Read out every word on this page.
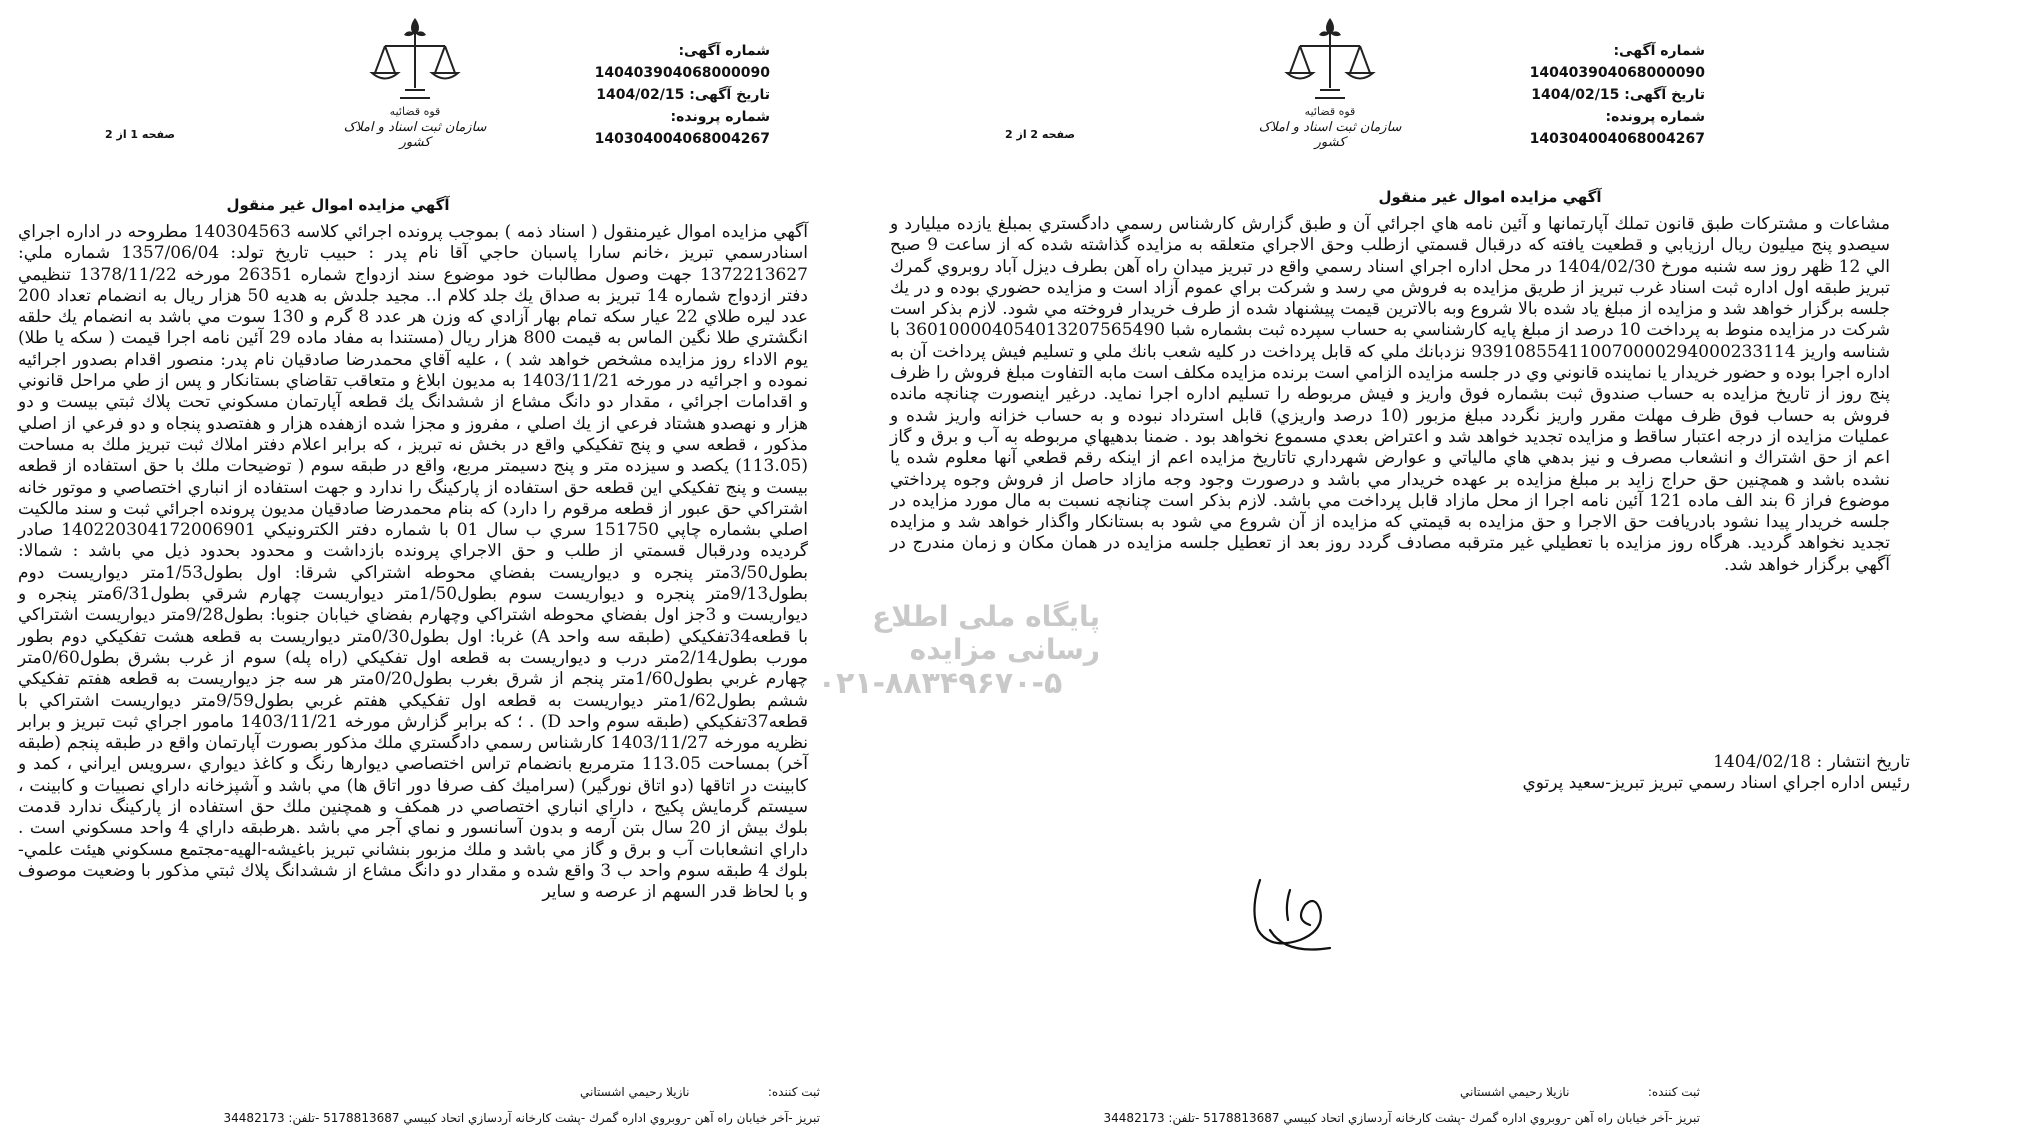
شماره آگهی: 140403904068000090
تاریخ آگهی: 1404/02/15
شماره پرونده: 140304004068004267
قوه قضائيه
سازمان ثبت اسناد و املاک کشور
صفحه 1 از 2
آگهي مزايده اموال غير منقول
آگهي مزايده اموال غيرمنقول ( اسناد ذمه ) بموجب پرونده اجرائي كلاسه 140304563 مطروحه در اداره اجراي اسنادرسمي تبريز ،خانم سارا پاسبان حاجي آقا نام پدر : حبيب تاريخ تولد: 1357/06/04 شماره ملي: 1372213627 جهت وصول مطالبات خود موضوع سند ازدواج شماره 26351 مورخه 1378/11/22 تنظيمي دفتر ازدواج شماره 14 تبريز به صداق يك جلد كلام ا.. مجيد جلدش به هديه 50 هزار ريال به انضمام تعداد 200 عدد ليره طلاي 22 عيار سكه تمام بهار آزادي كه وزن هر عدد 8 گرم و 130 سوت مي باشد به انضمام يك حلقه انگشتري طلا نگين الماس به قيمت 800 هزار ريال (مستندا به مفاد ماده 29 آئين نامه اجرا قيمت ( سكه يا طلا) يوم الاداء روز مزايده مشخص خواهد شد ) ، عليه آقاي محمدرضا صادقيان نام پدر: منصور اقدام بصدور اجرائيه نموده و اجرائيه در مورخه 1403/11/21 به مديون ابلاغ و متعاقب تقاضاي بستانكار و پس از طي مراحل قانوني و اقدامات اجرائي ، مقدار دو دانگ مشاع از ششدانگ يك قطعه آپارتمان مسكوني تحت پلاك ثبتي بيست و دو هزار و نهصدو هشتاد فرعي از يك اصلي ، مفروز و مجزا شده ازهفده هزار و هفتصدو پنجاه و دو فرعي از اصلي مذكور ، قطعه سي و پنج تفكيكي واقع در بخش نه تبريز ، كه برابر اعلام دفتر املاك ثبت تبريز ملك به مساحت (113.05) يكصد و سيزده متر و پنج دسيمتر مربع، واقع در طبقه سوم ( توضيحات ملك با حق استفاده از قطعه بيست و پنج تفكيكي اين قطعه حق استفاده از پاركينگ را ندارد و جهت استفاده از انباري اختصاصي و موتور خانه اشتراكي حق عبور از قطعه مرقوم را دارد) كه بنام محمدرضا صادقيان مديون پرونده اجرائي ثبت و سند مالكيت اصلي بشماره چاپي 151750 سري ب سال 01 با شماره دفتر الكترونيكي 140220304172006901 صادر گرديده ودرقبال قسمتي از طلب و حق الاجراي پرونده بازداشت و محدود بحدود ذيل مي باشد : شمالا: بطول3/50متر پنجره و ديواريست بفضاي محوطه اشتراكي شرقا: اول بطول1/53متر ديواريست دوم بطول9/13متر پنجره و ديواريست سوم بطول1/50متر ديواريست چهارم شرقي بطول6/31متر پنجره و ديواريست و 3جز اول بفضاي محوطه اشتراكي وچهارم بفضاي خيابان جنوبا: بطول9/28متر ديواريست اشتراكي با قطعه34تفكيكي (طبقه سه واحد A) غربا: اول بطول0/30متر ديواريست به قطعه هشت تفكيكي دوم بطور مورب بطول2/14متر درب و ديواريست به قطعه اول تفكيكي (راه پله) سوم از غرب بشرق بطول0/60متر چهارم غربي بطول1/60متر پنجم از شرق بغرب بطول0/20متر هر سه جز ديواريست به قطعه هفتم تفكيكي ششم بطول1/62متر ديواريست به قطعه اول تفكيكي هفتم غربي بطول9/59متر ديواريست اشتراكي با قطعه37تفكيكي (طبقه سوم واحد D) . ؛ كه برابر گزارش مورخه 1403/11/21 مامور اجراي ثبت تبريز و برابر نظريه مورخه 1403/11/27 كارشناس رسمي دادگستري ملك مذكور بصورت آپارتمان واقع در طبقه پنجم (طبقه آخر) بمساحت 113.05 مترمربع بانضمام تراس اختصاصي ديوارها رنگ و كاغذ ديواري ،سرويس ايراني ، كمد و كابينت در اتاقها (دو اتاق نورگير) (سراميك كف صرفا دور اتاق ها) مي باشد و آشپزخانه داراي نصبيات و كابينت ، سيستم گرمايش پكيج ، داراي انباري اختصاصي در همكف و همچنين ملك حق استفاده از پاركينگ ندارد قدمت بلوك بيش از 20 سال بتن آرمه و بدون آسانسور و نماي آجر مي باشد .هرطبقه داراي 4 واحد مسكوني است . داراي انشعابات آب و برق و گاز مي باشد و ملك مزبور بنشاني تبريز باغيشه-الهيه-مجتمع مسكوني هيئت علمي- بلوك 4 طبقه سوم واحد ب 3 واقع شده و مقدار دو دانگ مشاع از ششدانگ پلاك ثبتي مذكور با وضعيت موصوف و با لحاظ قدر السهم از عرصه و ساير
ثبت كننده:
نازيلا رحيمي اشستاني
تبريز -آخر خيابان راه آهن -روبروي اداره گمرك -پشت كارخانه آردسازي اتحاد كبيسي 5178813687 -تلفن: 34482173
شماره آگهی: 140403904068000090
تاریخ آگهی: 1404/02/15
شماره پرونده: 140304004068004267
قوه قضائيه
سازمان ثبت اسناد و املاک کشور
صفحه 2 از 2
آگهي مزايده اموال غير منقول
مشاعات و مشتركات طبق قانون تملك آپارتمانها و آئين نامه هاي اجرائي آن و طبق گزارش كارشناس رسمي دادگستري بمبلغ يازده ميليارد و سيصدو پنج ميليون ريال ارزيابي و قطعيت يافته كه درقبال قسمتي ازطلب وحق الاجراي متعلقه به مزايده گذاشته شده كه از ساعت 9 صبح الي 12 ظهر روز سه شنبه مورخ 1404/02/30 در محل اداره اجراي اسناد رسمي واقع در تبريز ميدان راه آهن بطرف ديزل آباد روبروي گمرك تبريز طبقه اول اداره ثبت اسناد غرب تبريز از طريق مزايده به فروش مي رسد و شركت براي عموم آزاد است و مزايده حضوري بوده و در يك جلسه برگزار خواهد شد و مزايده از مبلغ ياد شده بالا شروع وبه بالاترين قيمت پيشنهاد شده از طرف خريدار فروخته مي شود. لازم بذكر است شركت در مزايده منوط به پرداخت 10 درصد از مبلغ پايه كارشناسي به حساب سپرده ثبت بشماره شبا 360100004054013207565490 با شناسه واريز 939108554110070000294000233114 نزدبانك ملي كه قابل پرداخت در كليه شعب بانك ملي و تسليم فيش پرداخت آن به اداره اجرا بوده و حضور خريدار يا نماينده قانوني وي در جلسه مزايده الزامي است برنده مزايده مكلف است مابه التفاوت مبلغ فروش را ظرف پنج روز از تاريخ مزايده به حساب صندوق ثبت بشماره فوق واريز و فيش مربوطه را تسليم اداره اجرا نمايد. درغير اينصورت چنانچه مانده فروش به حساب فوق ظرف مهلت مقرر واريز نگردد مبلغ مزبور (10 درصد واريزي) قابل استرداد نبوده و به حساب خزانه واريز شده و عمليات مزايده از درجه اعتبار ساقط و مزايده تجديد خواهد شد و اعتراض بعدي مسموع نخواهد بود . ضمنا بدهيهاي مربوطه به آب و برق و گاز اعم از حق اشتراك و انشعاب مصرف و نيز بدهي هاي مالياتي و عوارض شهرداري تاتاريخ مزايده اعم از اينكه رقم قطعي آنها معلوم شده يا نشده باشد و همچنين حق حراج زايد بر مبلغ مزايده بر عهده خريدار مي باشد و درصورت وجود وجه مازاد حاصل از فروش وجوه پرداختي موضوع فراز 6 بند الف ماده 121 آئين نامه اجرا از محل مازاد قابل پرداخت مي باشد. لازم بذكر است چنانچه نسبت به مال مورد مزايده در جلسه خريدار پيدا نشود بادريافت حق الاجرا و حق مزايده به قيمتي كه مزايده از آن شروع مي شود به بستانكار واگذار خواهد شد و مزايده تجديد نخواهد گرديد. هرگاه روز مزايده با تعطيلي غير مترقبه مصادف گردد روز بعد از تعطيل جلسه مزايده در همان مكان و زمان مندرج در آگهي برگزار خواهد شد.
تاريخ انتشار : 1404/02/18
رئيس اداره اجراي اسناد رسمي تبريز تبريز-سعيد پرتوي
ثبت كننده:
نازيلا رحيمي اشستاني
تبريز -آخر خيابان راه آهن -روبروي اداره گمرك -پشت كارخانه آردسازي اتحاد كبيسي 5178813687 -تلفن: 34482173
پایگاه ملی اطلاع رسانی مزایده
۰۲۱-۸۸۳۴۹۶۷۰-۵
